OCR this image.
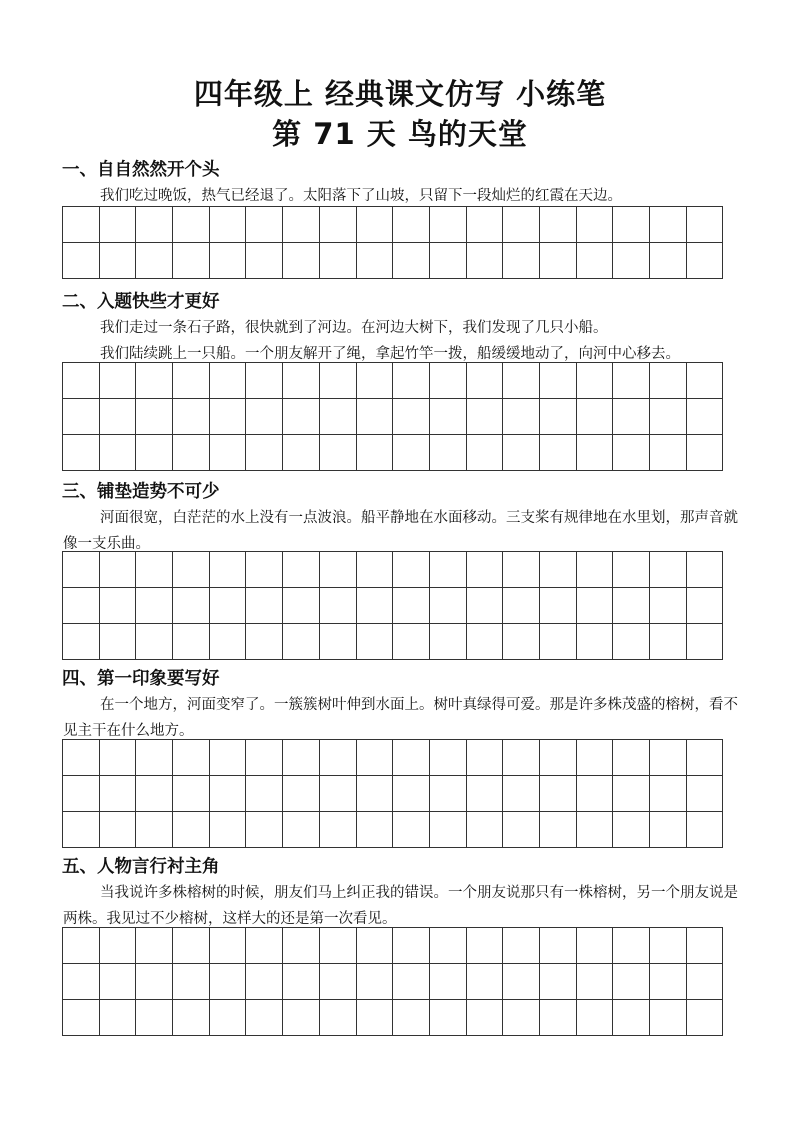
四年级上 经典课文仿写 小练笔
第 71 天 鸟的天堂
一、自自然然开个头

我们吃过晚饭，热气已经退了。太阳落下了山坡，只留下一段灿烂的红霞在天边。

二、入题快些才更好

我们走过一条石子路，很快就到了河边。在河边大树下，我们发现了几只小船。

我们陆续跳上一只船。一个朋友解开了绳，拿起竹竿一拨，船缓缓地动了，向河中心移去。

三、铺垫造势不可少

河面很宽，白茫茫的水上没有一点波浪。船平静地在水面移动。三支桨有规律地在水里划，那声音就像一支乐曲。

四、第一印象要写好

在一个地方，河面变窄了。一簇簇树叶伸到水面上。树叶真绿得可爱。那是许多株茂盛的榕树，看不见主干在什么地方。

五、人物言行衬主角

当我说许多株榕树的时候，朋友们马上纠正我的错误。一个朋友说那只有一株榕树，另一个朋友说是两株。我见过不少榕树，这样大的还是第一次看见。
